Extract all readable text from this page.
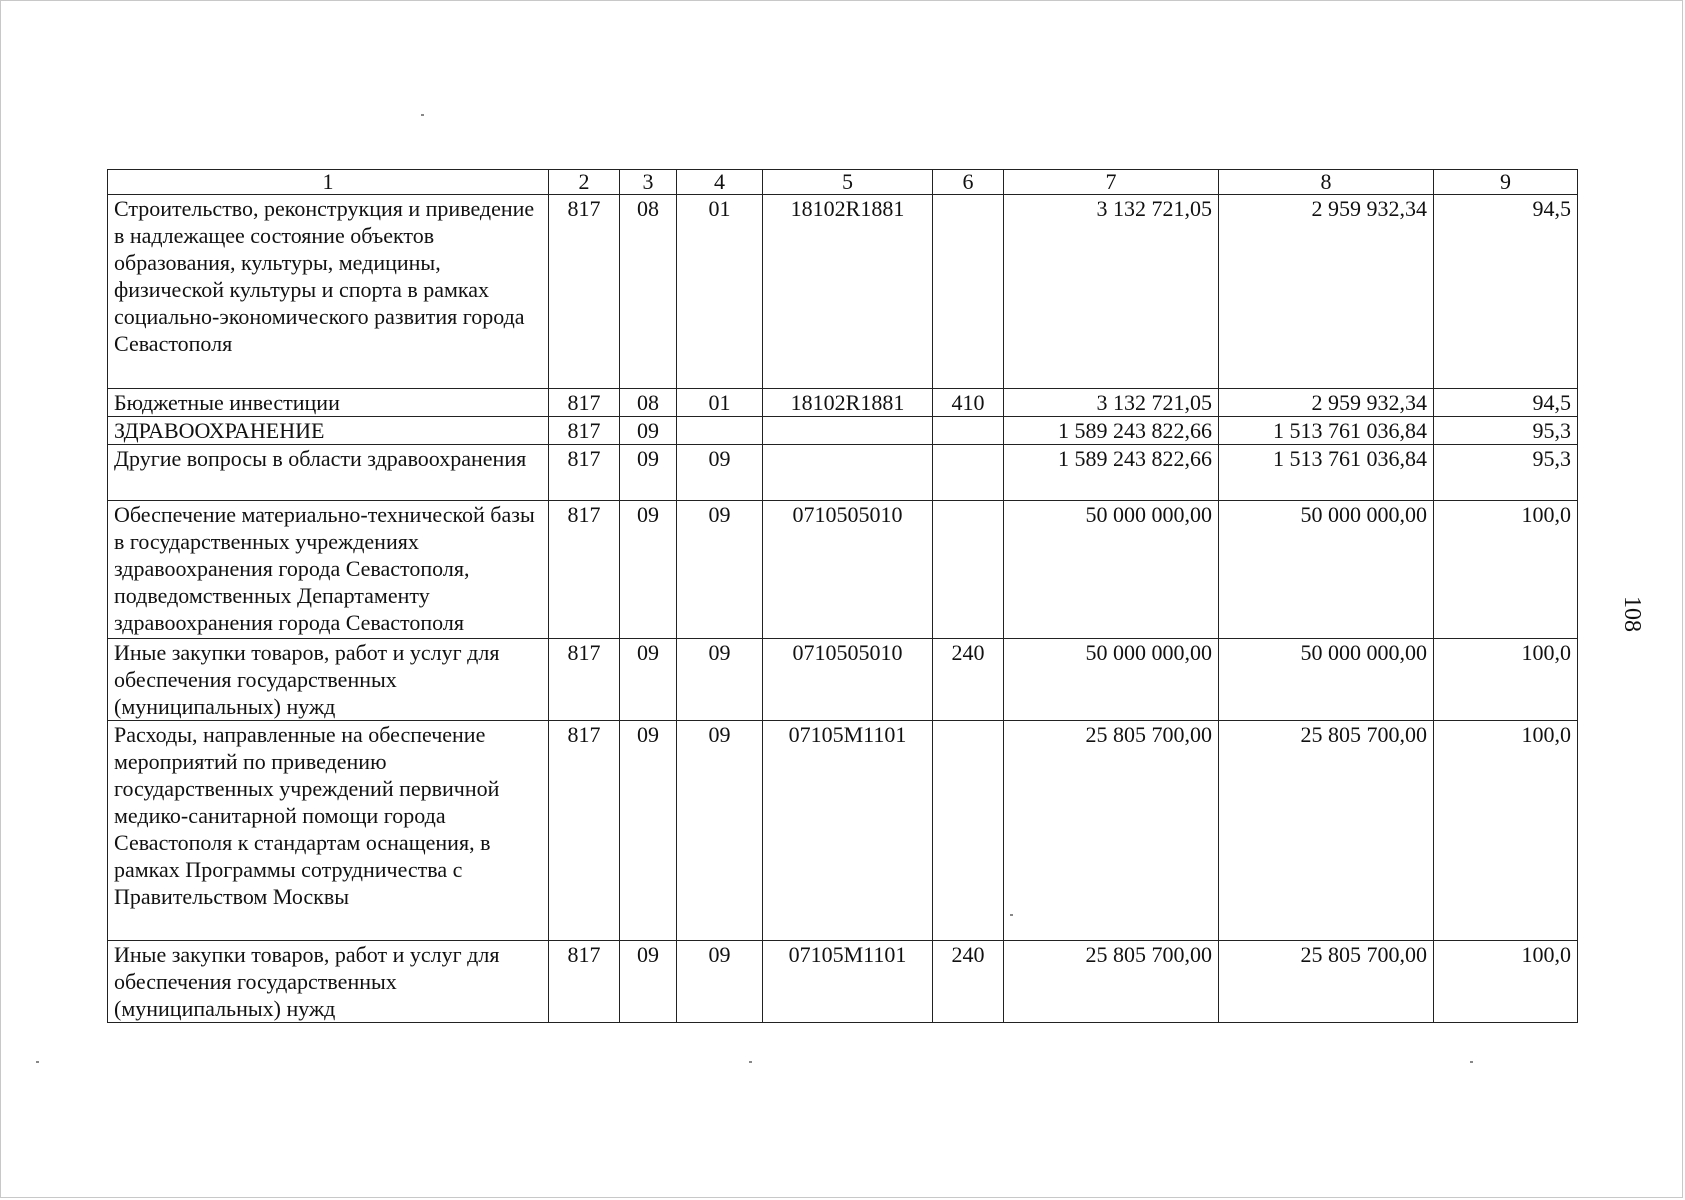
1	2	3	4	5	6	7	8	9
Строительство, реконструкция и приведение в надлежащее состояние объектов образования, культуры, медицины, физической культуры и спорта в рамках социально-экономического развития города Севастополя	817	08	01	18102R1881		3 132 721,05	2 959 932,34	94,5
Бюджетные инвестиции	817	08	01	18102R1881	410	3 132 721,05	2 959 932,34	94,5
ЗДРАВООХРАНЕНИЕ	817	09				1 589 243 822,66	1 513 761 036,84	95,3
Другие вопросы в области здравоохранения	817	09	09			1 589 243 822,66	1 513 761 036,84	95,3
Обеспечение материально-технической базы в государственных учреждениях здравоохранения города Севастополя, подведомственных Департаменту здравоохранения города Севастополя	817	09	09	0710505010		50 000 000,00	50 000 000,00	100,0
Иные закупки товаров, работ и услуг для обеспечения государственных (муниципальных) нужд	817	09	09	0710505010	240	50 000 000,00	50 000 000,00	100,0
Расходы, направленные на обеспечение мероприятий по приведению государственных учреждений первичной медико-санитарной помощи города Севастополя к стандартам оснащения, в рамках Программы сотрудничества с Правительством Москвы	817	09	09	07105M1101		25 805 700,00	25 805 700,00	100,0
Иные закупки товаров, работ и услуг для обеспечения государственных (муниципальных) нужд	817	09	09	07105M1101	240	25 805 700,00	25 805 700,00	100,0
108
